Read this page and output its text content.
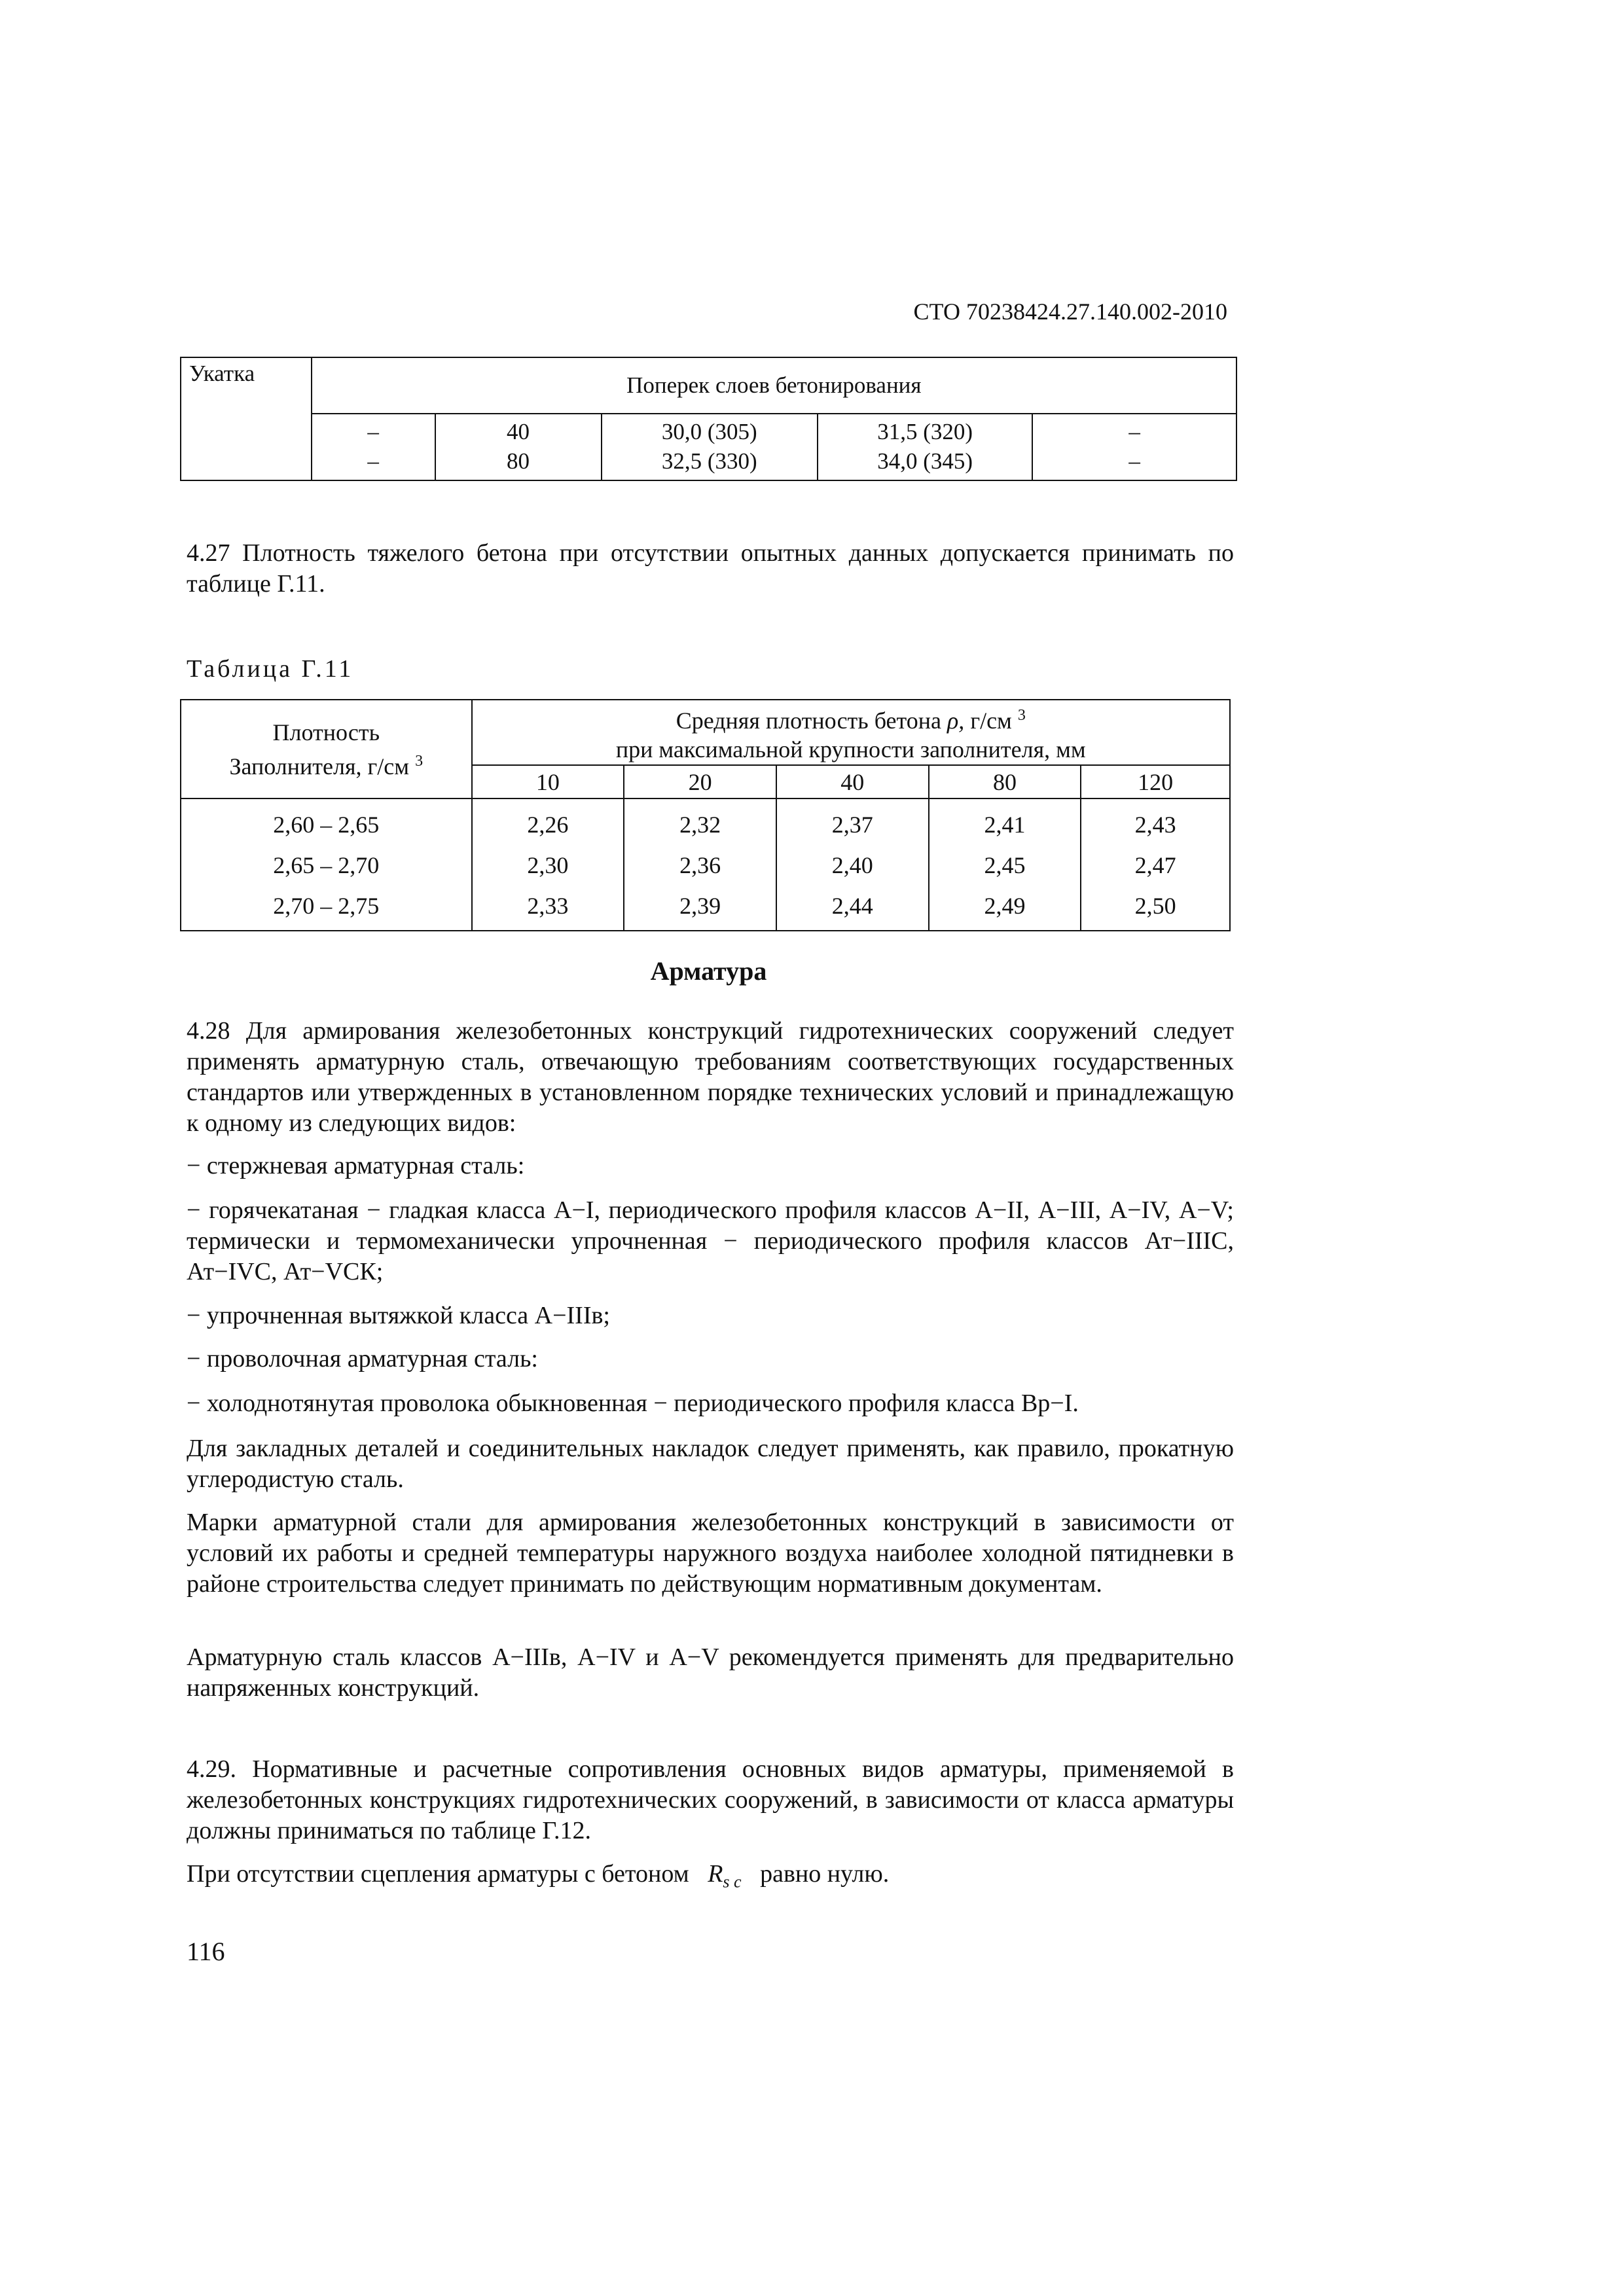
СТО 70238424.27.140.002-2010
Укатка	Поперек слоев бетонирования				
	–	40	30,0 (305)	31,5 (320)	–
	–	80	32,5 (330)	34,0 (345)	–
4.27 Плотность тяжелого бетона при отсутствии опытных данных допускается принимать по таблице Г.11.
Таблица Г.11
Плотность
Заполнителя, г/см $^3$	Средняя плотность бетона ρ, г/см $^3$
при максимальной крупности заполнителя, мм				
	10	20	40	80	120
2,60 – 2,65	2,26	2,32	2,37	2,41	2,43
2,65 – 2,70	2,30	2,36	2,40	2,45	2,47
2,70 – 2,75	2,33	2,39	2,44	2,49	2,50
Арматура
4.28 Для армирования железобетонных конструкций гидротехнических сооружений следует применять арматурную сталь, отвечающую требованиям соответствующих государственных стандартов или утвержденных в установленном порядке технических условий и принадлежащую к одному из следующих видов:
− стержневая арматурная сталь:
− горячекатаная − гладкая класса А−I, периодического профиля классов А−II, А−III, А−IV, А−V; термически и термомеханически упрочненная − периодического профиля классов Ат−IIIС, Ат−IVС, Ат−VСК;
− упрочненная вытяжкой класса А−IIIв;
− проволочная арматурная сталь:
− холоднотянутая проволока обыкновенная − периодического профиля класса Вр−I.
Для закладных деталей и соединительных накладок следует применять, как правило, прокатную углеродистую сталь.
Марки арматурной стали для армирования железобетонных конструкций в зависимости от условий их работы и средней температуры наружного воздуха наиболее холодной пятидневки в районе строительства следует принимать по действующим нормативным документам.
Арматурную сталь классов А−IIIв, А−IV и А−V рекомендуется применять для предварительно напряженных конструкций.
4.29. Нормативные и расчетные сопротивления основных видов арматуры, применяемой в железобетонных конструкциях гидротехнических сооружений, в зависимости от класса арматуры должны приниматься по таблице Г.12.
При отсутствии сцепления арматуры с бетоном $R_{s c}$ равно нулю.
116
